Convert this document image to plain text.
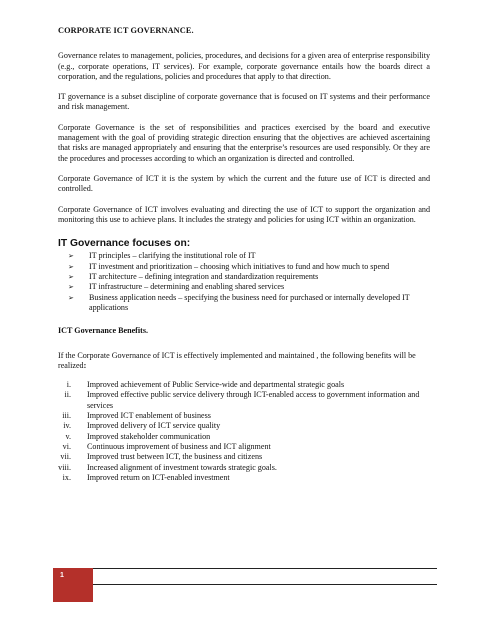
CORPORATE ICT GOVERNANCE.

Governance relates to management, policies, procedures, and decisions for a given area of enterprise responsibility (e.g., corporate operations, IT services). For example, corporate governance entails how the boards direct a corporation, and the regulations, policies and procedures that apply to that direction.

IT governance is a subset discipline of corporate governance that is focused on IT systems and their performance and risk management.

Corporate Governance is the set of responsibilities and practices exercised by the board and executive management with the goal of providing strategic direction ensuring that the objectives are achieved ascertaining that risks are managed appropriately and ensuring that the enterprise’s resources are used responsibly. Or they are the procedures and processes according to which an organization is directed and controlled.

Corporate Governance of ICT it is the system by which the current and the future use of ICT is directed and controlled.

Corporate Governance of ICT involves evaluating and directing the use of ICT to support the organization and monitoring this use to achieve plans. It includes the strategy and policies for using ICT within an organization.

IT Governance focuses on:
➢ IT principles – clarifying the institutional role of IT
➢ IT investment and prioritization – choosing which initiatives to fund and how much to spend
➢ IT architecture – defining integration and standardization requirements
➢ IT infrastructure – determining and enabling shared services
➢ Business application needs – specifying the business need for purchased or internally developed IT applications
ICT Governance Benefits.

If the Corporate Governance of ICT is effectively implemented and maintained , the following benefits will be realized:

i. Improved achievement of Public Service-wide and departmental strategic goals
ii. Improved effective public service delivery through ICT-enabled access to government information and services
iii. Improved ICT enablement of business
iv. Improved delivery of ICT service quality
v. Improved stakeholder communication
vi. Continuous improvement of business and ICT alignment
vii. Improved trust between ICT, the business and citizens
viii. Increased alignment of investment towards strategic goals.
ix. Improved return on ICT-enabled investment
1
